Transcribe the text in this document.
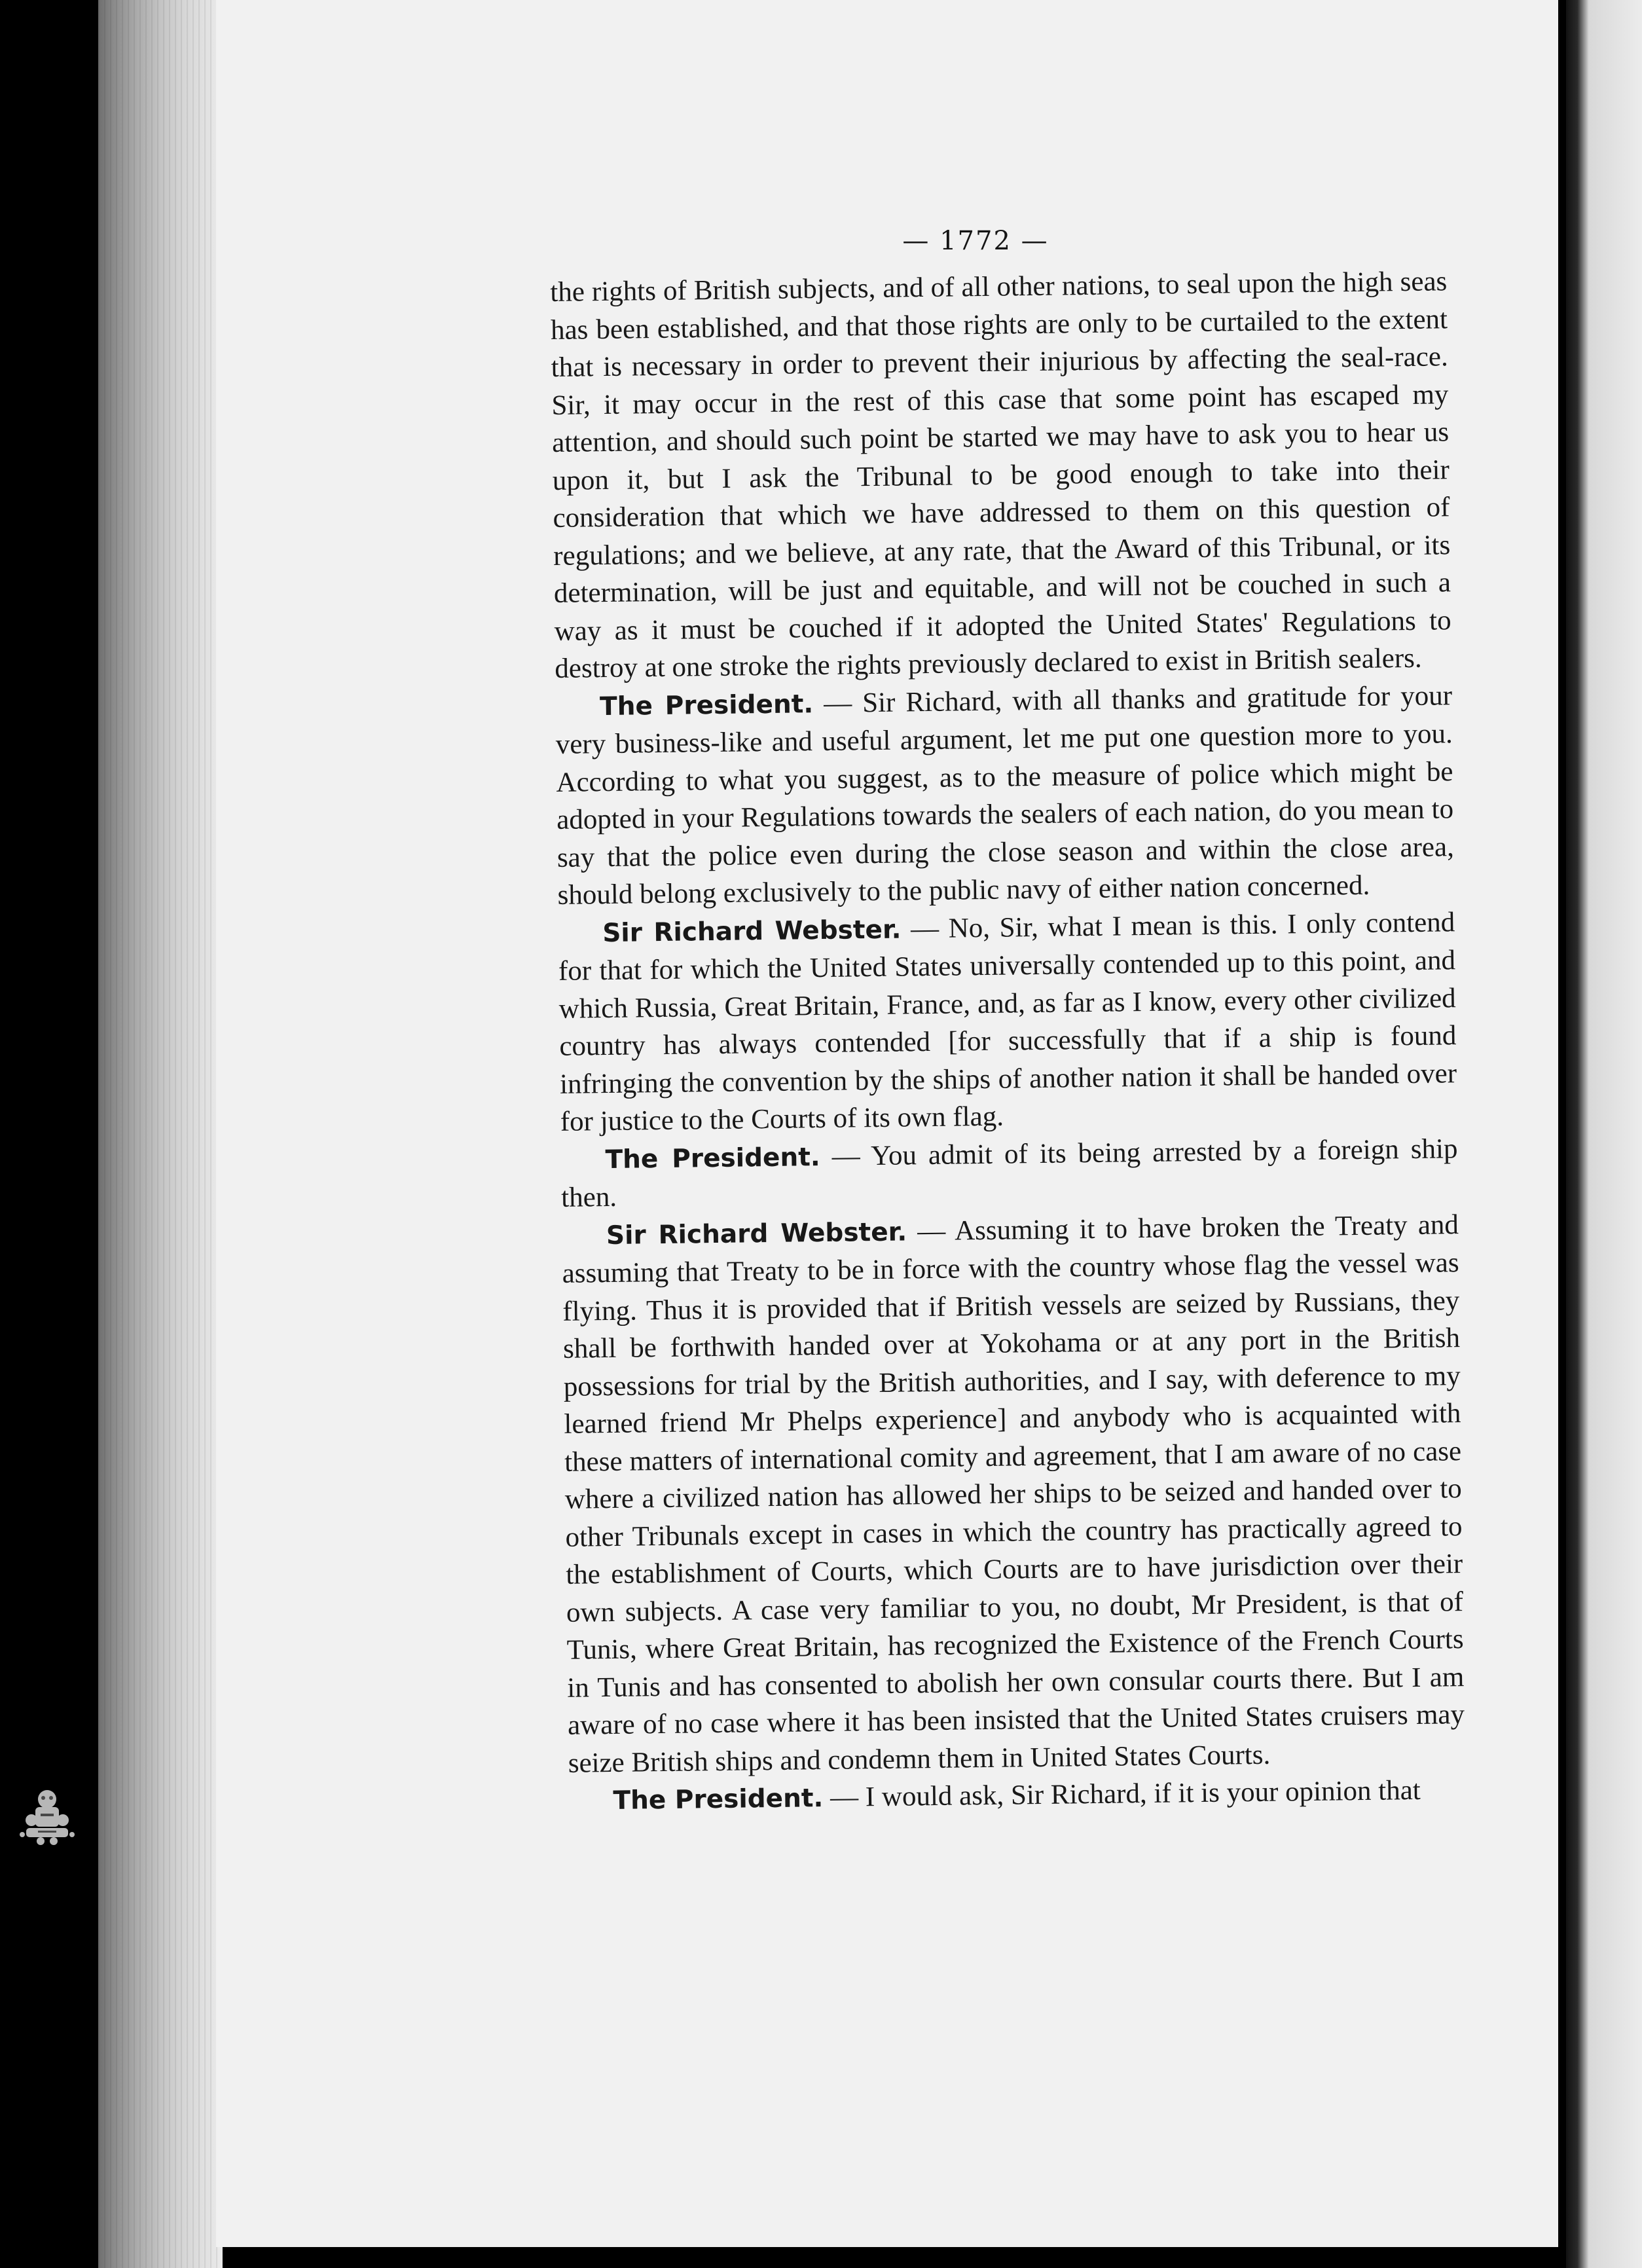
— 1772 —

the rights of British subjects, and of all other nations, to seal upon the high seas has been established, and that those rights are only to be curtailed to the extent that is necessary in order to prevent their injurious by affecting the seal-race. Sir, it may occur in the rest of this case that some point has escaped my attention, and should such point be started we may have to ask you to hear us upon it, but I ask the Tribunal to be good enough to take into their consideration that which we have addressed to them on this question of regulations; and we believe, at any rate, that the Award of this Tribunal, or its determination, will be just and equitable, and will not be couched in such a way as it must be couched if it adopted the United States' Regulations to destroy at one stroke the rights previously declared to exist in British sealers.

The President. — Sir Richard, with all thanks and gratitude for your very business-like and useful argument, let me put one question more to you. According to what you suggest, as to the measure of police which might be adopted in your Regulations towards the sealers of each nation, do you mean to say that the police even during the close season and within the close area, should belong exclusively to the public navy of either nation concerned.

Sir Richard Webster. — No, Sir, what I mean is this. I only contend for that for which the United States universally contended up to this point, and which Russia, Great Britain, France, and, as far as I know, every other civilized country has always contended [for successfully that if a ship is found infringing the convention by the ships of another nation it shall be handed over for justice to the Courts of its own flag.

The President. — You admit of its being arrested by a foreign ship then.

Sir Richard Webster. — Assuming it to have broken the Treaty and assuming that Treaty to be in force with the country whose flag the vessel was flying. Thus it is provided that if British vessels are seized by Russians, they shall be forthwith handed over at Yokohama or at any port in the British possessions for trial by the British authorities, and I say, with deference to my learned friend Mr Phelps experience] and anybody who is acquainted with these matters of international comity and agreement, that I am aware of no case where a civilized nation has allowed her ships to be seized and handed over to other Tribunals except in cases in which the country has practically agreed to the establishment of Courts, which Courts are to have jurisdiction over their own subjects. A case very familiar to you, no doubt, Mr President, is that of Tunis, where Great Britain, has recognized the Existence of the French Courts in Tunis and has consented to abolish her own consular courts there. But I am aware of no case where it has been insisted that the United States cruisers may seize British ships and condemn them in United States Courts.

The President. — I would ask, Sir Richard, if it is your opinion that
